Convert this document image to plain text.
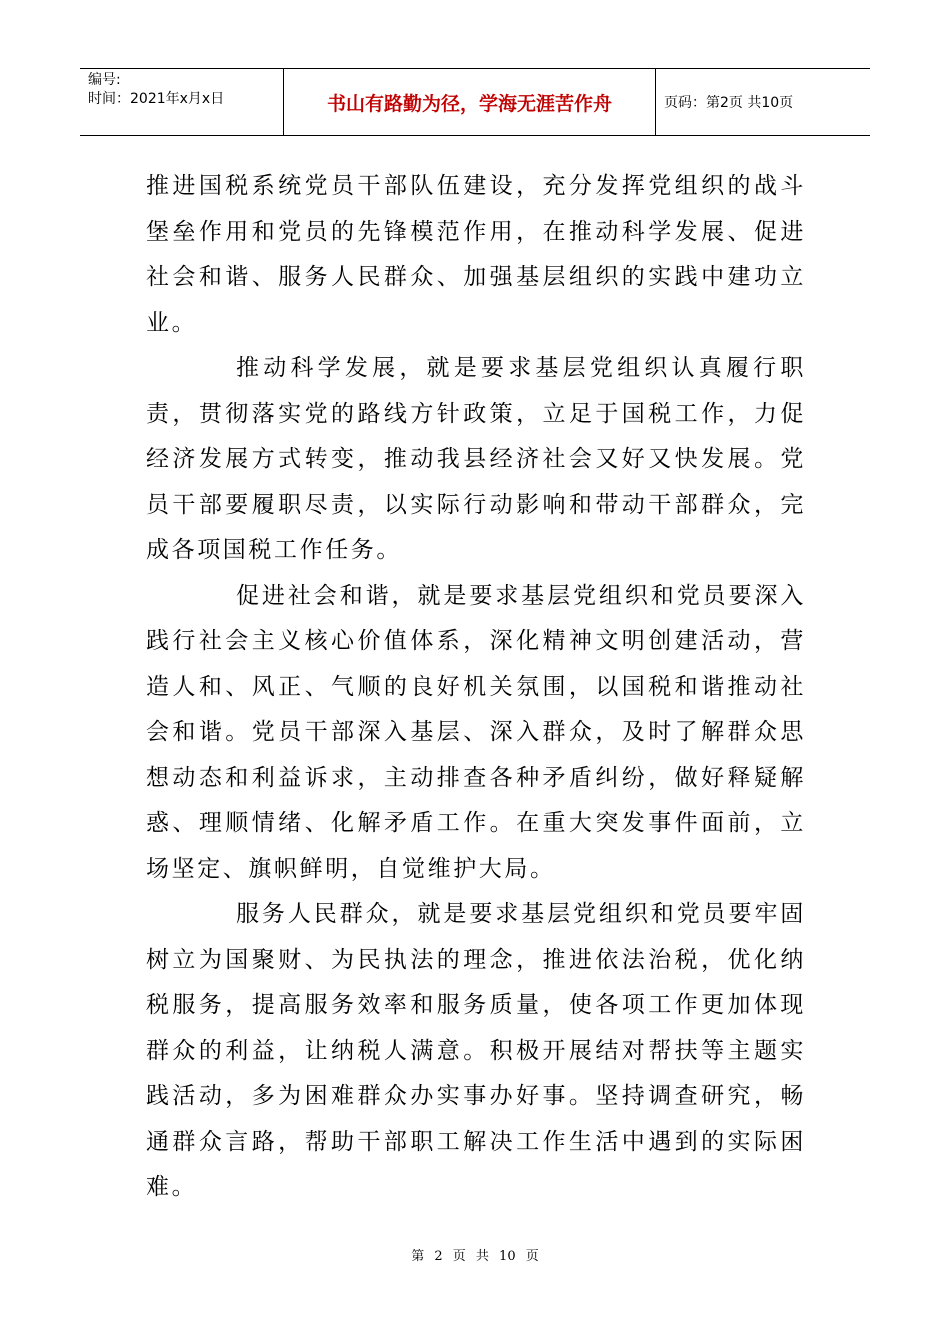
编号:
时间：2021年x月x日	书山有路勤为径，学海无涯苦作舟	页码：第2页 共10页

推进国税系统党员干部队伍建设，充分发挥党组织的战斗堡垒作用和党员的先锋模范作用，在推动科学发展、促进社会和谐、服务人民群众、加强基层组织的实践中建功立业。

推动科学发展，就是要求基层党组织认真履行职责，贯彻落实党的路线方针政策，立足于国税工作，力促经济发展方式转变，推动我县经济社会又好又快发展。党员干部要履职尽责，以实际行动影响和带动干部群众，完成各项国税工作任务。

促进社会和谐，就是要求基层党组织和党员要深入践行社会主义核心价值体系，深化精神文明创建活动，营造人和、风正、气顺的良好机关氛围，以国税和谐推动社会和谐。党员干部深入基层、深入群众，及时了解群众思想动态和利益诉求，主动排查各种矛盾纠纷，做好释疑解惑、理顺情绪、化解矛盾工作。在重大突发事件面前，立场坚定、旗帜鲜明，自觉维护大局。

服务人民群众，就是要求基层党组织和党员要牢固树立为国聚财、为民执法的理念，推进依法治税，优化纳税服务，提高服务效率和服务质量，使各项工作更加体现群众的利益，让纳税人满意。积极开展结对帮扶等主题实践活动，多为困难群众办实事办好事。坚持调查研究，畅通群众言路，帮助干部职工解决工作生活中遇到的实际困难。

第 2 页 共 10 页
